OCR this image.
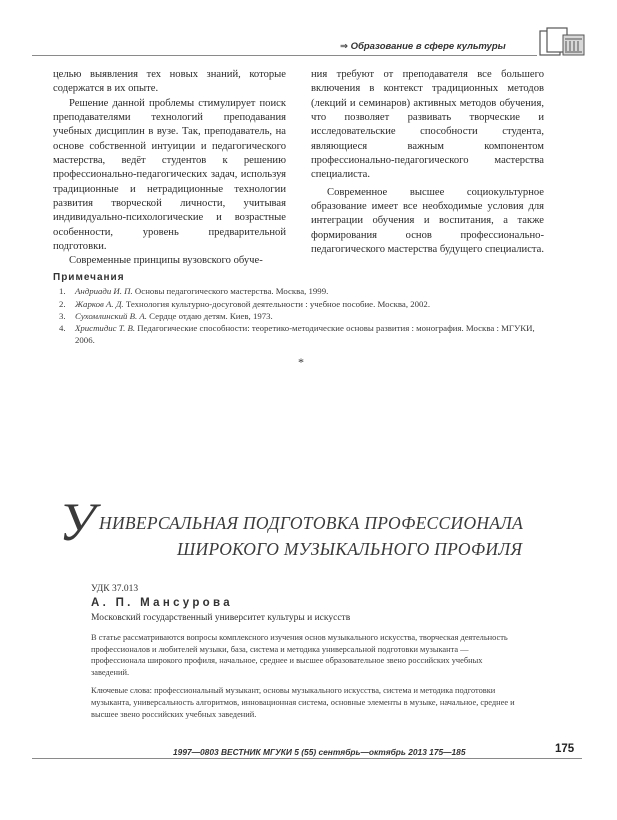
⇒ Образование в сфере культуры

целью выявления тех новых знаний, которые содержатся в их опыте.

Решение данной проблемы стимулирует поиск преподавателями технологий преподавания учебных дисциплин в вузе. Так, преподаватель, на основе собственной интуиции и педагогического мастерства, ведёт студентов к решению профессионально-педагогических задач, используя традиционные и нетрадиционные технологии развития творческой личности, учитывая индивидуально-психологические и возрастные особенности, уровень предварительной подготовки.

Современные принципы вузовского обуче-

ния требуют от преподавателя все большего включения в контекст традиционных методов (лекций и семинаров) активных методов обучения, что позволяет развивать творческие и исследовательские способности студента, являющиеся важным компонентом профессионально-педагогического мастерства специалиста.

Современное высшее социокультурное образование имеет все необходимые условия для интеграции обучения и воспитания, а также формирования основ профессионально-педагогического мастерства будущего специалиста.

Примечания
1.	Андриади И. П. Основы педагогического мастерства. Москва, 1999.
2.	Жарков А. Д. Технология культурно-досуговой деятельности : учебное пособие. Москва, 2002.
3.	Сухомлинский В. А. Сердце отдаю детям. Киев, 1973.
4.	Христидис Т. В. Педагогические способности: теоретико-методические основы развития : монография. Москва : МГУКИ, 2006.
*
У НИВЕРСАЛЬНАЯ ПОДГОТОВКА ПРОФЕССИОНАЛА
ШИРОКОГО МУЗЫКАЛЬНОГО ПРОФИЛЯ
УДК 37.013
А. П. Мансурова
Московский государственный университет культуры и искусств

В статье рассматриваются вопросы комплексного изучения основ музыкального искусства, творческая деятельность профессионалов и любителей музыки, база, система и методика универсальной подготовки музыканта — профессионала широкого профиля, начальное, среднее и высшее образовательное звено российских учебных заведений.

Ключевые слова: профессиональный музыкант, основы музыкального искусства, система и методика подготовки музыканта, универсальность алгоритмов, инновационная система, основные элементы в музыке, начальное, среднее и высшее звено российских учебных заведений.

1997—0803 ВЕСТНИК МГУКИ 5 (55) сентябрь—октябрь 2013 175—185	175
